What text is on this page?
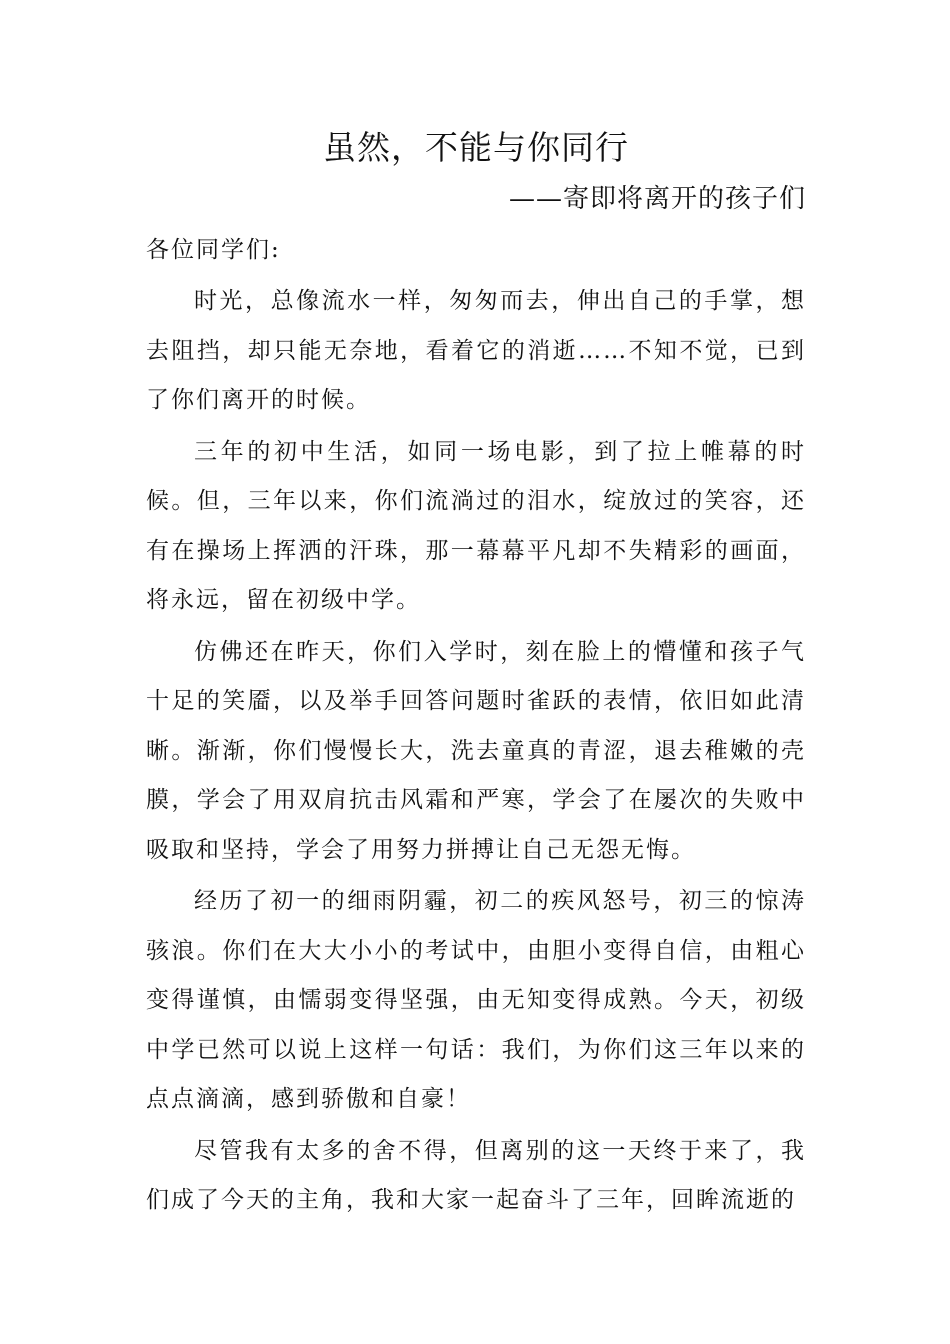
虽然，不能与你同行
——寄即将离开的孩子们

各位同学们:

时光，总像流水一样，匆匆而去，伸出自己的手掌，想去阻挡，却只能无奈地，看着它的消逝……不知不觉，已到了你们离开的时候。

三年的初中生活，如同一场电影，到了拉上帷幕的时候。但，三年以来，你们流淌过的泪水，绽放过的笑容，还有在操场上挥洒的汗珠，那一幕幕平凡却不失精彩的画面，将永远，留在初级中学。

仿佛还在昨天，你们入学时，刻在脸上的懵懂和孩子气十足的笑靥，以及举手回答问题时雀跃的表情，依旧如此清晰。渐渐，你们慢慢长大，洗去童真的青涩，退去稚嫩的壳膜，学会了用双肩抗击风霜和严寒，学会了在屡次的失败中吸取和坚持，学会了用努力拼搏让自己无怨无悔。

经历了初一的细雨阴霾，初二的疾风怒号，初三的惊涛骇浪。你们在大大小小的考试中，由胆小变得自信，由粗心变得谨慎，由懦弱变得坚强，由无知变得成熟。今天，初级中学已然可以说上这样一句话：我们，为你们这三年以来的点点滴滴，感到骄傲和自豪！

尽管我有太多的舍不得，但离别的这一天终于来了，我们成了今天的主角，我和大家一起奋斗了三年，回眸流逝的
